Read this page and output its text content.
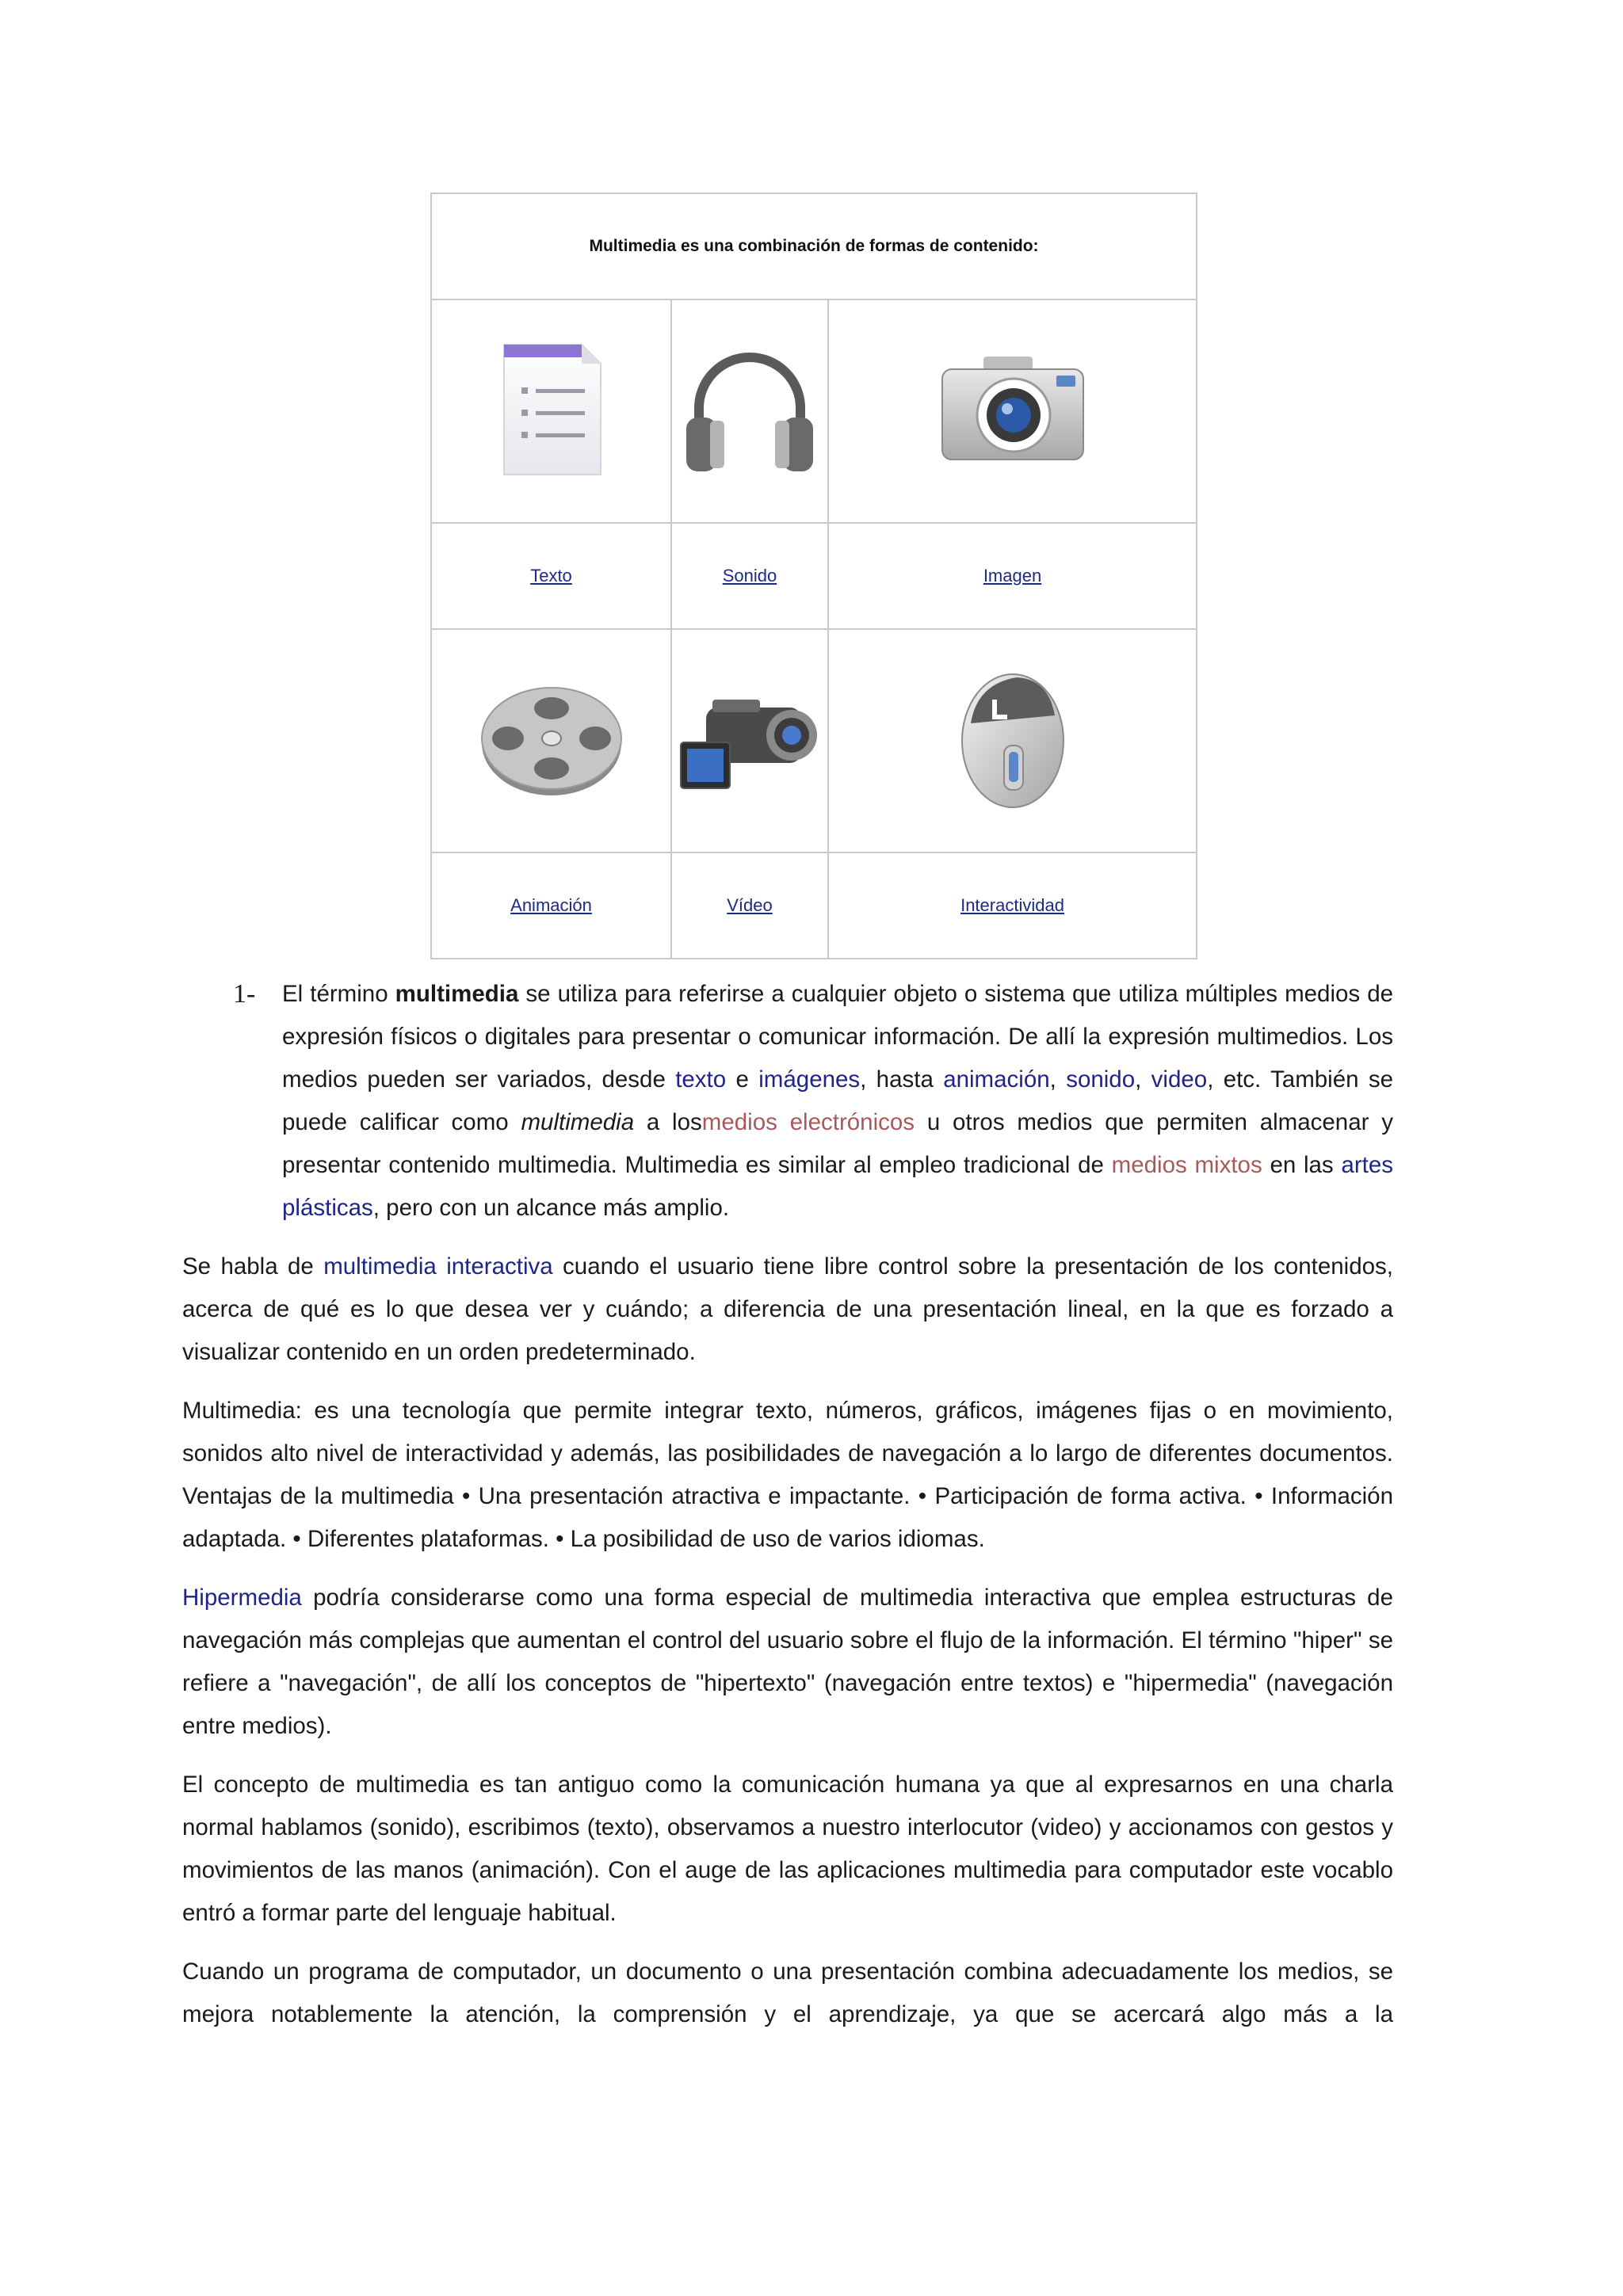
Multimedia es una combinación de formas de contenido:		

Texto	Sonido	Imagen

Animación	Vídeo	Interactividad
1- El término multimedia se utiliza para referirse a cualquier objeto o sistema que utiliza múltiples medios de expresión físicos o digitales para presentar o comunicar información. De allí la expresión multimedios. Los medios pueden ser variados, desde texto e imágenes, hasta animación, sonido, video, etc. También se puede calificar como multimedia a losmedios electrónicos u otros medios que permiten almacenar y presentar contenido multimedia. Multimedia es similar al empleo tradicional de medios mixtos en las artes plásticas, pero con un alcance más amplio.

Se habla de multimedia interactiva cuando el usuario tiene libre control sobre la presentación de los contenidos, acerca de qué es lo que desea ver y cuándo; a diferencia de una presentación lineal, en la que es forzado a visualizar contenido en un orden predeterminado.

Multimedia: es una tecnología que permite integrar texto, números, gráficos, imágenes fijas o en movimiento, sonidos alto nivel de interactividad y además, las posibilidades de navegación a lo largo de diferentes documentos. Ventajas de la multimedia • Una presentación atractiva e impactante. • Participación de forma activa. • Información adaptada. • Diferentes plataformas. • La posibilidad de uso de varios idiomas.

Hipermedia podría considerarse como una forma especial de multimedia interactiva que emplea estructuras de navegación más complejas que aumentan el control del usuario sobre el flujo de la información. El término "hiper" se refiere a "navegación", de allí los conceptos de "hipertexto" (navegación entre textos) e "hipermedia" (navegación entre medios).

El concepto de multimedia es tan antiguo como la comunicación humana ya que al expresarnos en una charla normal hablamos (sonido), escribimos (texto), observamos a nuestro interlocutor (video) y accionamos con gestos y movimientos de las manos (animación). Con el auge de las aplicaciones multimedia para computador este vocablo entró a formar parte del lenguaje habitual.

Cuando un programa de computador, un documento o una presentación combina adecuadamente los medios, se mejora notablemente la atención, la comprensión y el aprendizaje, ya que se acercará algo más a la
